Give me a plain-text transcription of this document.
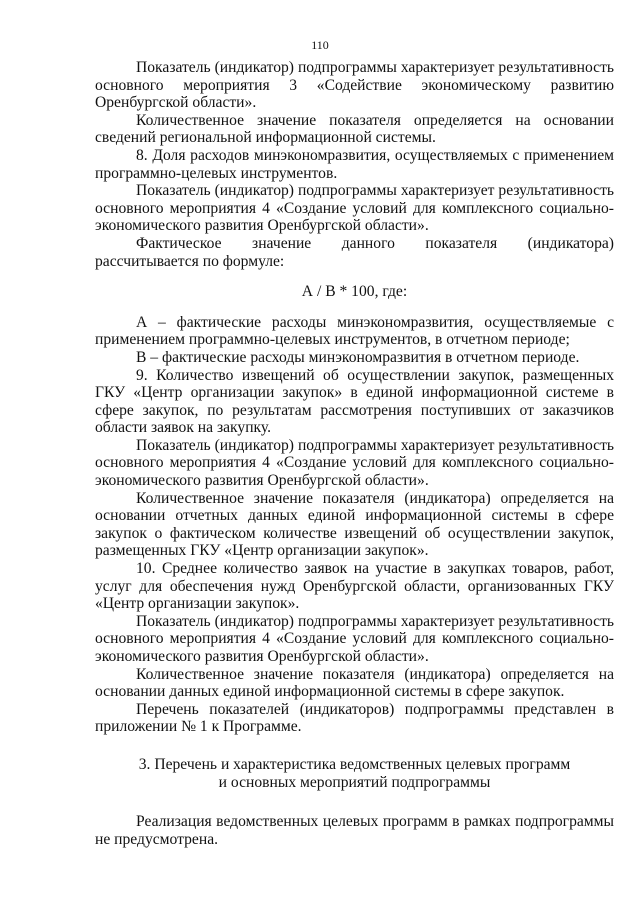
110

Показатель (индикатор) подпрограммы характеризует результативность основного мероприятия 3 «Содействие экономическому развитию Оренбургской области».

Количественное значение показателя определяется на основании сведений региональной информационной системы.

8. Доля расходов минэкономразвития, осуществляемых с применением программно-целевых инструментов.

Показатель (индикатор) подпрограммы характеризует результативность основного мероприятия 4 «Создание условий для комплексного социально-экономического развития Оренбургской области».

Фактическое значение данного показателя (индикатора) рассчитывается по формуле:

А / В * 100, где:

А – фактические расходы минэкономразвития, осуществляемые с применением программно-целевых инструментов, в отчетном периоде;

В – фактические расходы минэкономразвития в отчетном периоде.

9. Количество извещений об осуществлении закупок, размещенных ГКУ «Центр организации закупок» в единой информационной системе в сфере закупок, по результатам рассмотрения поступивших от заказчиков области заявок на закупку.

Показатель (индикатор) подпрограммы характеризует результативность основного мероприятия 4 «Создание условий для комплексного социально-экономического развития Оренбургской области».

Количественное значение показателя (индикатора) определяется на основании отчетных данных единой информационной системы в сфере закупок о фактическом количестве извещений об осуществлении закупок, размещенных ГКУ «Центр организации закупок».

10. Среднее количество заявок на участие в закупках товаров, работ, услуг для обеспечения нужд Оренбургской области, организованных ГКУ «Центр организации закупок».

Показатель (индикатор) подпрограммы характеризует результативность основного мероприятия 4 «Создание условий для комплексного социально-экономического развития Оренбургской области».

Количественное значение показателя (индикатора) определяется на основании данных единой информационной системы в сфере закупок.

Перечень показателей (индикаторов) подпрограммы представлен в приложении № 1 к Программе.

3. Перечень и характеристика ведомственных целевых программ
и основных мероприятий подпрограммы

Реализация ведомственных целевых программ в рамках подпрограммы не предусмотрена.
